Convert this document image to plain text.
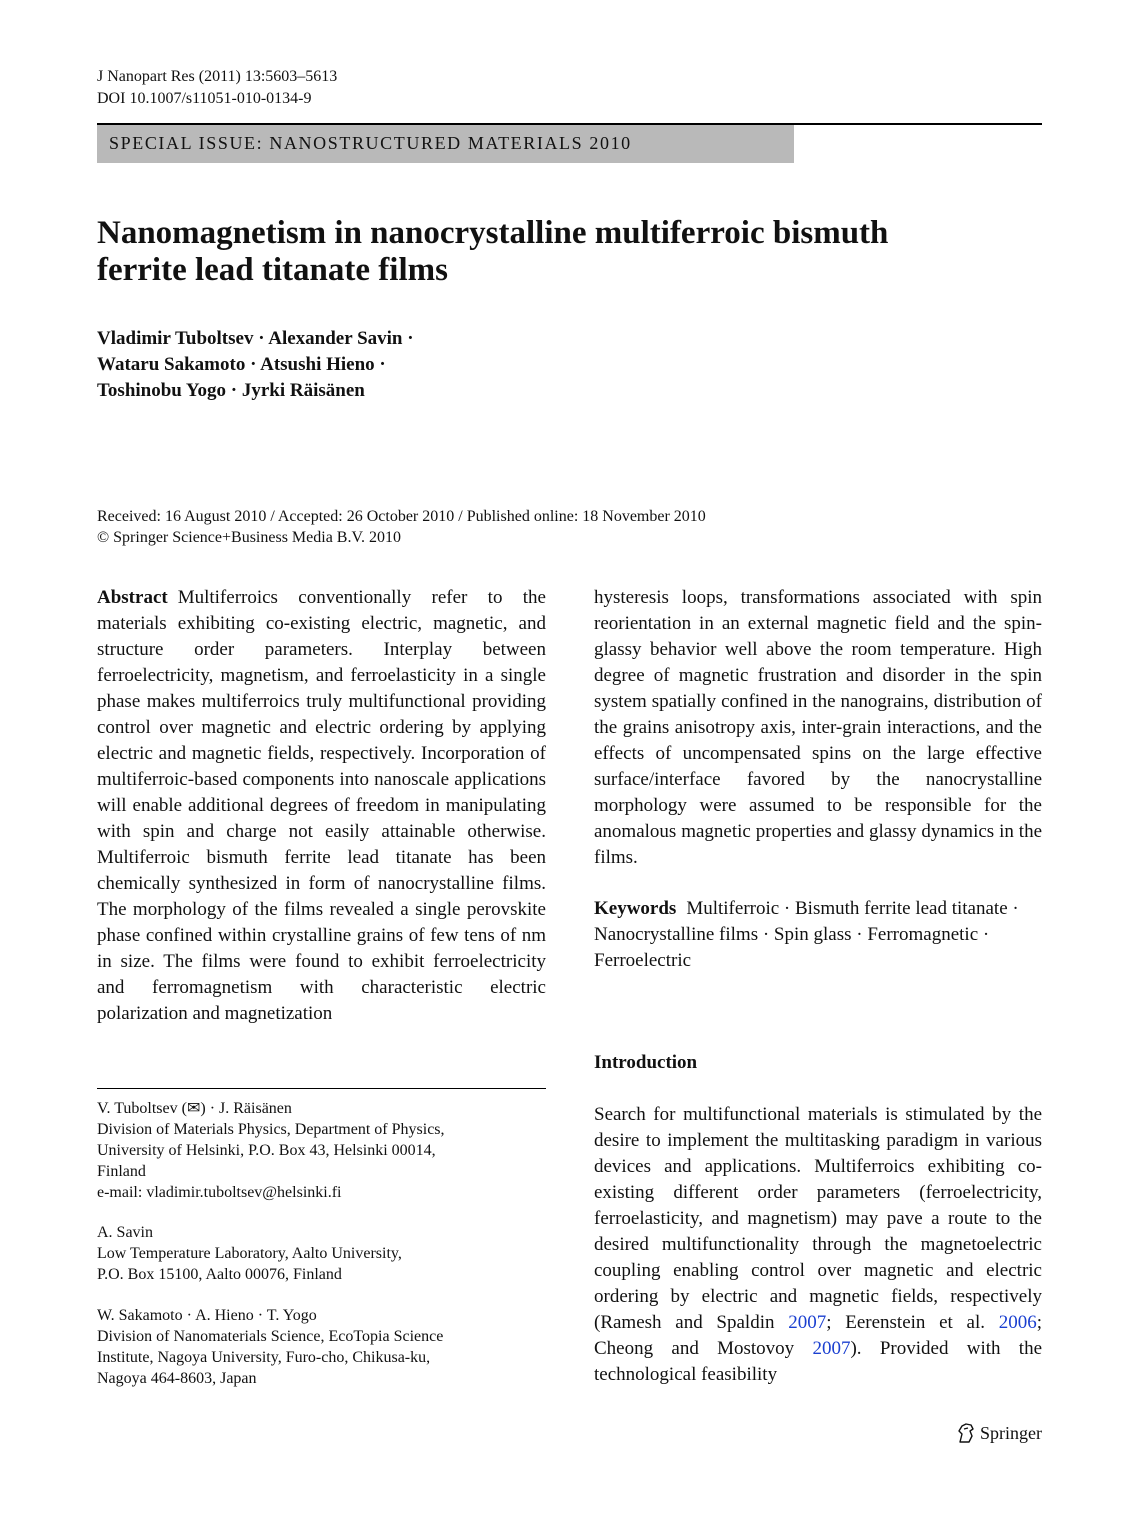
J Nanopart Res (2011) 13:5603–5613
DOI 10.1007/s11051-010-0134-9
SPECIAL ISSUE: NANOSTRUCTURED MATERIALS 2010
Nanomagnetism in nanocrystalline multiferroic bismuth
ferrite lead titanate films
Vladimir Tuboltsev · Alexander Savin ·
Wataru Sakamoto · Atsushi Hieno ·
Toshinobu Yogo · Jyrki Räisänen
Received: 16 August 2010 / Accepted: 26 October 2010 / Published online: 18 November 2010
© Springer Science+Business Media B.V. 2010
Abstract Multiferroics conventionally refer to the materials exhibiting co-existing electric, magnetic, and structure order parameters. Interplay between ferroelectricity, magnetism, and ferroelasticity in a single phase makes multiferroics truly multifunctional providing control over magnetic and electric ordering by applying electric and magnetic fields, respectively. Incorporation of multiferroic-based components into nanoscale applications will enable additional degrees of freedom in manipulating with spin and charge not easily attainable otherwise. Multiferroic bismuth ferrite lead titanate has been chemically synthesized in form of nanocrystalline films. The morphology of the films revealed a single perovskite phase confined within crystalline grains of few tens of nm in size. The films were found to exhibit ferroelectricity and ferromagnetism with characteristic electric polarization and magnetization
hysteresis loops, transformations associated with spin reorientation in an external magnetic field and the spin-glassy behavior well above the room temperature. High degree of magnetic frustration and disorder in the spin system spatially confined in the nanograins, distribution of the grains anisotropy axis, inter-grain interactions, and the effects of uncompensated spins on the large effective surface/interface favored by the nanocrystalline morphology were assumed to be responsible for the anomalous magnetic properties and glassy dynamics in the films.
Keywords Multiferroic · Bismuth ferrite lead titanate · Nanocrystalline films · Spin glass · Ferromagnetic · Ferroelectric
Introduction
Search for multifunctional materials is stimulated by the desire to implement the multitasking paradigm in various devices and applications. Multiferroics exhibiting co-existing different order parameters (ferroelectricity, ferroelasticity, and magnetism) may pave a route to the desired multifunctionality through the magnetoelectric coupling enabling control over magnetic and electric ordering by electric and magnetic fields, respectively (Ramesh and Spaldin 2007; Eerenstein et al. 2006; Cheong and Mostovoy 2007). Provided with the technological feasibility
V. Tuboltsev (✉) · J. Räisänen
Division of Materials Physics, Department of Physics,
University of Helsinki, P.O. Box 43, Helsinki 00014,
Finland
e-mail: vladimir.tuboltsev@helsinki.fi
A. Savin
Low Temperature Laboratory, Aalto University,
P.O. Box 15100, Aalto 00076, Finland
W. Sakamoto · A. Hieno · T. Yogo
Division of Nanomaterials Science, EcoTopia Science
Institute, Nagoya University, Furo-cho, Chikusa-ku,
Nagoya 464-8603, Japan
Springer
